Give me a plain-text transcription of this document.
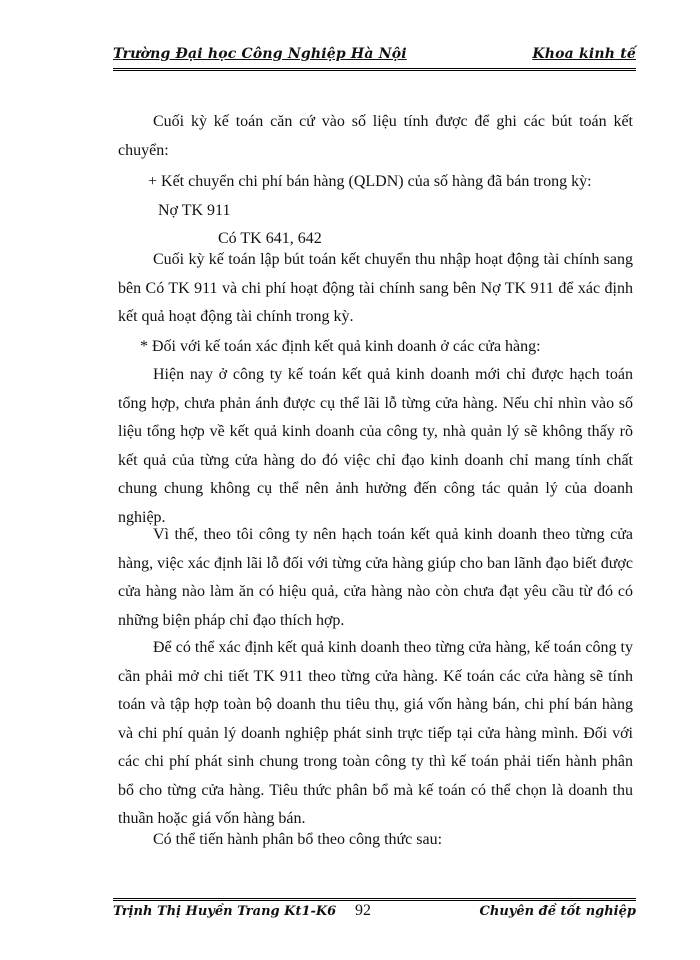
Trường Đại học Công Nghiệp Hà Nội	Khoa kinh tế

Cuối kỳ kế toán căn cứ vào số liệu tính được để ghi các bút toán kết chuyển:

+ Kết chuyển chi phí bán hàng (QLDN) của số hàng đã bán trong kỳ:
Nợ TK 911
Có TK 641, 642

Cuối kỳ kế toán lập bút toán kết chuyển thu nhập hoạt động tài chính sang bên Có TK 911 và chi phí hoạt động tài chính sang bên Nợ TK 911 để xác định kết quả hoạt động tài chính trong kỳ.

* Đối với kế toán xác định kết quả kinh doanh ở các cửa hàng:

Hiện nay ở công ty kế toán kết quả kinh doanh mới chỉ được hạch toán tổng hợp, chưa phản ánh được cụ thể lãi lỗ từng cửa hàng. Nếu chỉ nhìn vào số liệu tổng hợp về kết quả kinh doanh của công ty, nhà quản lý sẽ không thấy rõ kết quả của từng cửa hàng do đó việc chỉ đạo kinh doanh chỉ mang tính chất chung chung không cụ thể nên ảnh hưởng đến công tác quản lý của doanh nghiệp.

Vì thế, theo tôi công ty nên hạch toán kết quả kinh doanh theo từng cửa hàng, việc xác định lãi lỗ đối với từng cửa hàng giúp cho ban lãnh đạo biết được cửa hàng nào làm ăn có hiệu quả, cửa hàng nào còn chưa đạt yêu cầu từ đó có những biện pháp chỉ đạo thích hợp.

Để có thể xác định kết quả kinh doanh theo từng cửa hàng, kế toán công ty cần phải mở chi tiết TK 911 theo từng cửa hàng. Kế toán các cửa hàng sẽ tính toán và tập hợp toàn bộ doanh thu tiêu thụ, giá vốn hàng bán, chi phí bán hàng và chi phí quản lý doanh nghiệp phát sinh trực tiếp tại cửa hàng mình. Đối với các chi phí phát sinh chung trong toàn công ty thì kế toán phải tiến hành phân bổ cho từng cửa hàng. Tiêu thức phân bổ mà kế toán có thể chọn là doanh thu thuần hoặc giá vốn hàng bán.

Có thể tiến hành phân bổ theo công thức sau:

Trịnh Thị Huyền Trang Kt1-K6 92	Chuyên đề tốt nghiệp
